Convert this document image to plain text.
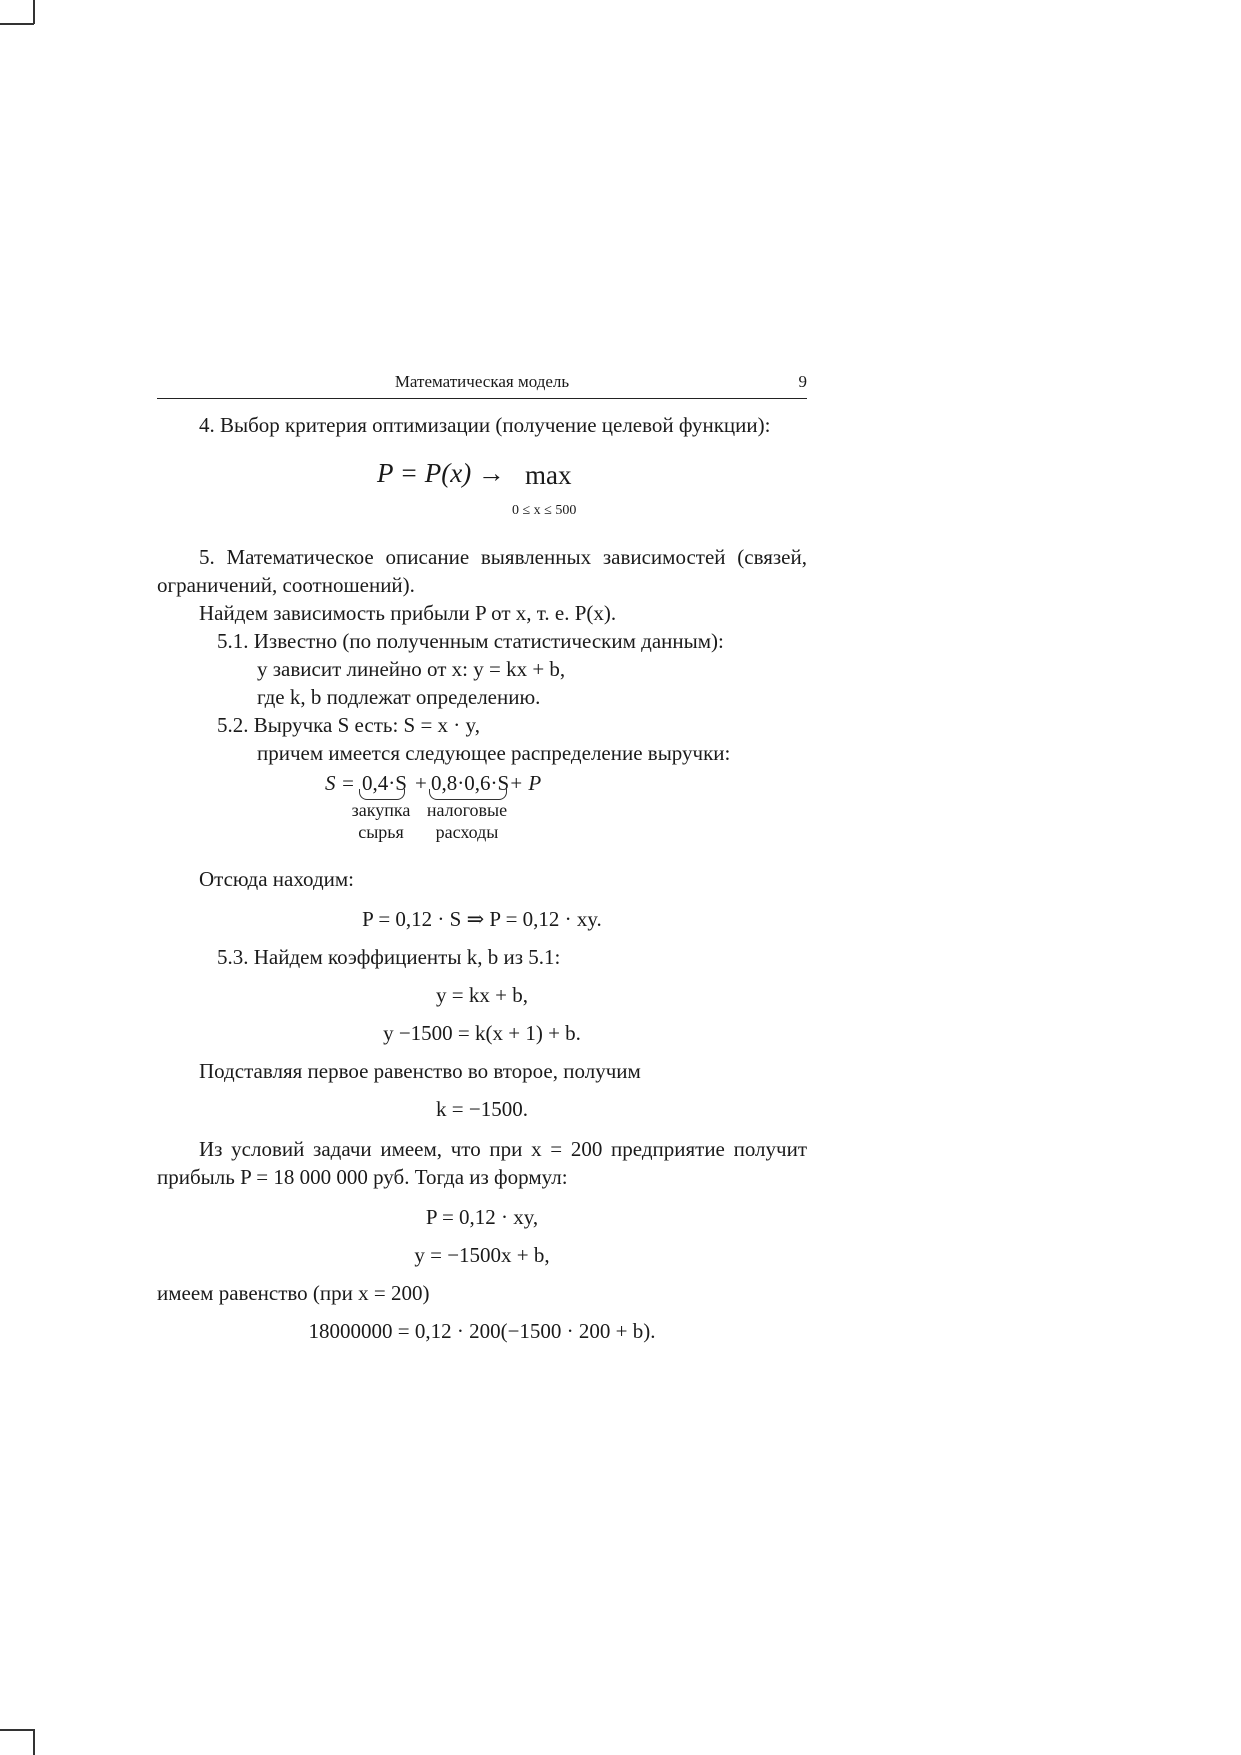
Математическая модель	9

4. Выбор критерия оптимизации (получение целевой функции):

P = P(x) → max
0 ≤ x ≤ 500

5. Математическое описание выявленных зависимостей (связей, ограничений, соотношений).

Найдем зависимость прибыли P от x, т. е. P(x).

5.1. Известно (по полученным статистическим данным):

y зависит линейно от x: y = kx + b,

где k, b подлежат определению.

5.2. Выручка S есть: S = x · y,

причем имеется следующее распределение выручки:

S = 0,4·S + 0,8·0,6·S + P
закупка
сырья
налоговые
расходы

Отсюда находим:

P = 0,12 · S ⇒ P = 0,12 · xy.

5.3. Найдем коэффициенты k, b из 5.1:

y = kx + b,

y −1500 = k(x + 1) + b.

Подставляя первое равенство во второе, получим

k = −1500.

Из условий задачи имеем, что при x = 200 предприятие получит прибыль P = 18 000 000 руб. Тогда из формул:

P = 0,12 · xy,

y = −1500x + b,

имеем равенство (при x = 200)

18000000 = 0,12 · 200(−1500 · 200 + b).
